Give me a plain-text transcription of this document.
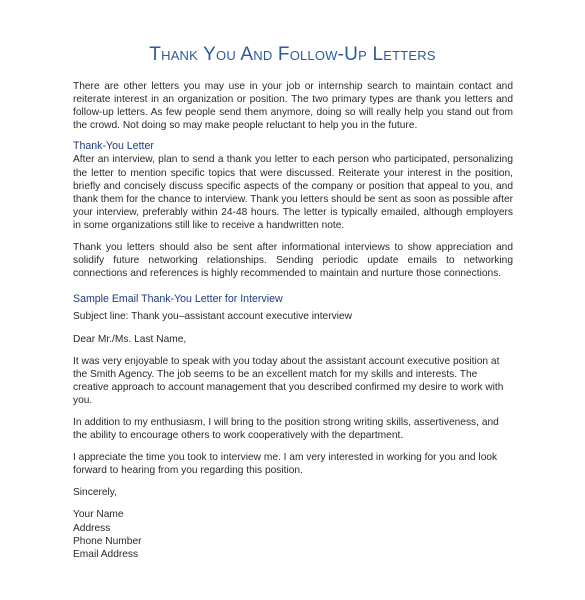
Thank You And Follow-Up Letters

There are other letters you may use in your job or internship search to maintain contact and reiterate interest in an organization or position. The two primary types are thank you letters and follow-up letters. As few people send them anymore, doing so will really help you stand out from the crowd. Not doing so may make people reluctant to help you in the future.

Thank-You Letter

After an interview, plan to send a thank you letter to each person who participated, personalizing the letter to mention specific topics that were discussed. Reiterate your interest in the position, briefly and concisely discuss specific aspects of the company or position that appeal to you, and thank them for the chance to interview. Thank you letters should be sent as soon as possible after your interview, preferably within 24-48 hours. The letter is typically emailed, although employers in some organizations still like to receive a handwritten note.

Thank you letters should also be sent after informational interviews to show appreciation and solidify future networking relationships. Sending periodic update emails to networking connections and references is highly recommended to maintain and nurture those connections.

Sample Email Thank-You Letter for Interview

Subject line: Thank you–assistant account executive interview

Dear Mr./Ms. Last Name,

It was very enjoyable to speak with you today about the assistant account executive position at the Smith Agency. The job seems to be an excellent match for my skills and interests. The creative approach to account management that you described confirmed my desire to work with you.

In addition to my enthusiasm, I will bring to the position strong writing skills, assertiveness, and the ability to encourage others to work cooperatively with the department.

I appreciate the time you took to interview me. I am very interested in working for you and look forward to hearing from you regarding this position.

Sincerely,

Your Name

Address

Phone Number

Email Address
